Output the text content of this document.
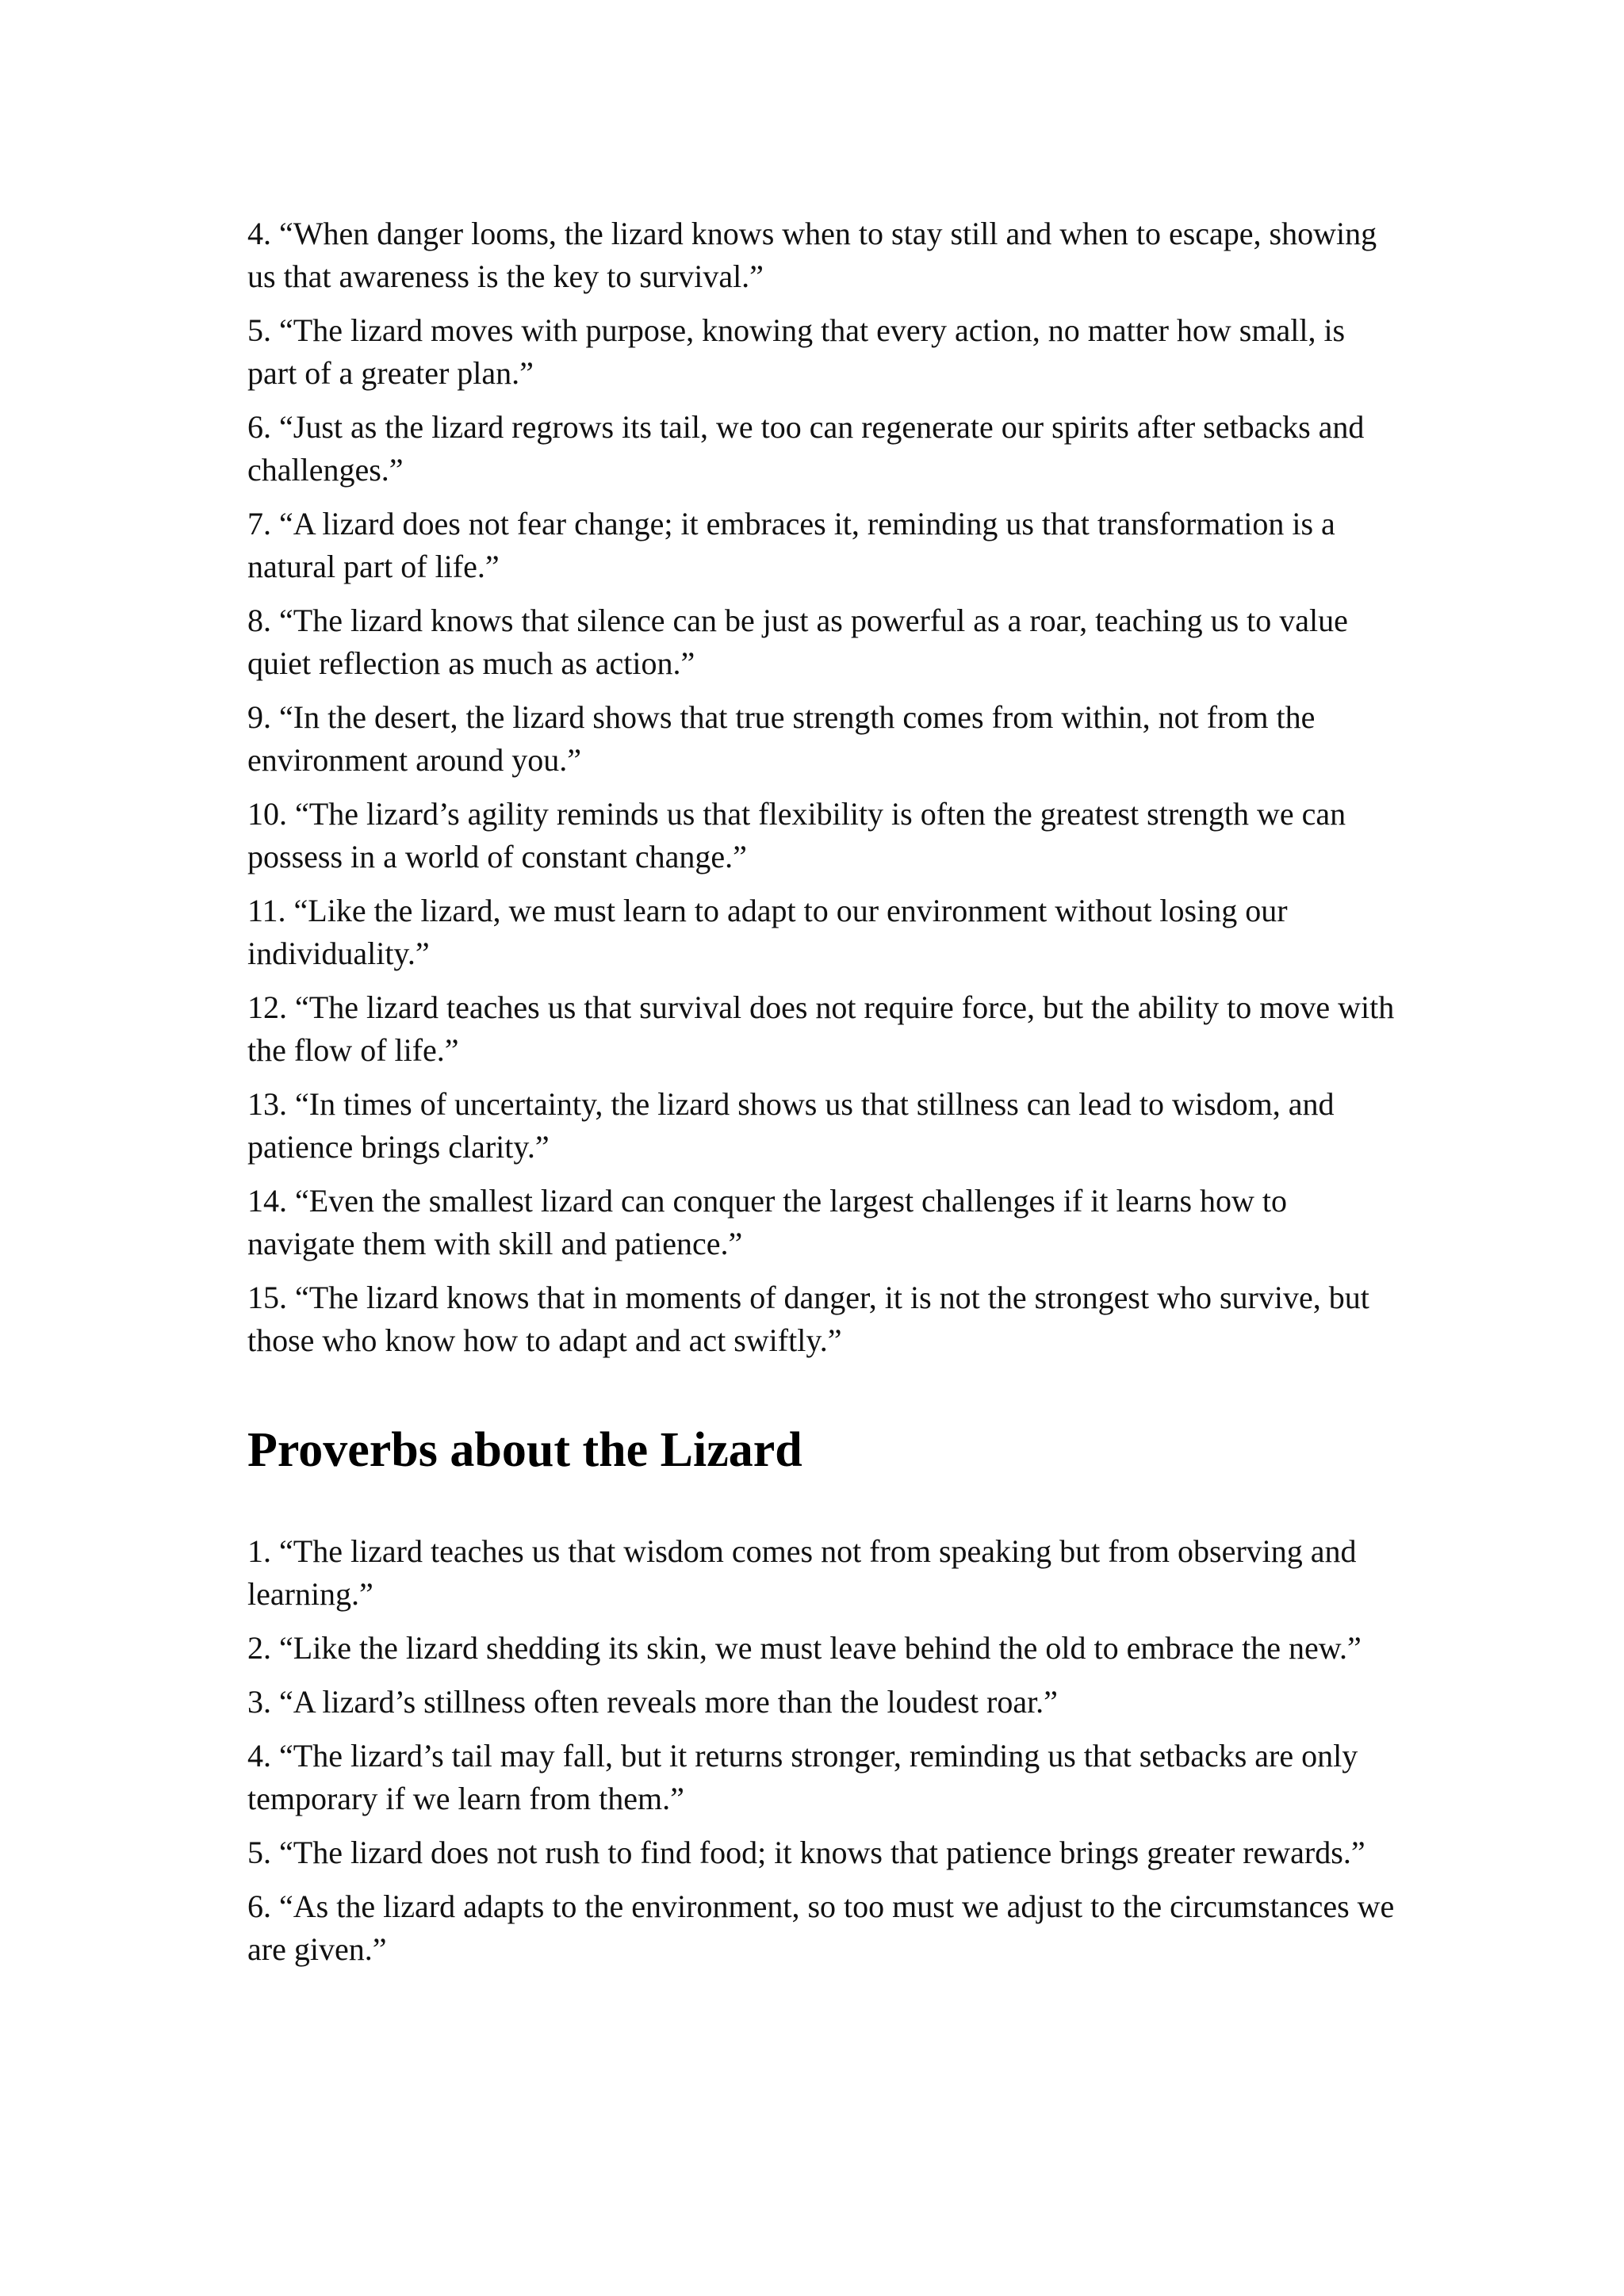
4. “When danger looms, the lizard knows when to stay still and when to escape, showing us that awareness is the key to survival.”

5. “The lizard moves with purpose, knowing that every action, no matter how small, is part of a greater plan.”

6. “Just as the lizard regrows its tail, we too can regenerate our spirits after setbacks and challenges.”

7. “A lizard does not fear change; it embraces it, reminding us that transformation is a natural part of life.”

8. “The lizard knows that silence can be just as powerful as a roar, teaching us to value quiet reflection as much as action.”

9. “In the desert, the lizard shows that true strength comes from within, not from the environment around you.”

10. “The lizard’s agility reminds us that flexibility is often the greatest strength we can possess in a world of constant change.”

11. “Like the lizard, we must learn to adapt to our environment without losing our individuality.”

12. “The lizard teaches us that survival does not require force, but the ability to move with the flow of life.”

13. “In times of uncertainty, the lizard shows us that stillness can lead to wisdom, and patience brings clarity.”

14. “Even the smallest lizard can conquer the largest challenges if it learns how to navigate them with skill and patience.”

15. “The lizard knows that in moments of danger, it is not the strongest who survive, but those who know how to adapt and act swiftly.”

Proverbs about the Lizard

1. “The lizard teaches us that wisdom comes not from speaking but from observing and learning.”

2. “Like the lizard shedding its skin, we must leave behind the old to embrace the new.”

3. “A lizard’s stillness often reveals more than the loudest roar.”

4. “The lizard’s tail may fall, but it returns stronger, reminding us that setbacks are only temporary if we learn from them.”

5. “The lizard does not rush to find food; it knows that patience brings greater rewards.”

6. “As the lizard adapts to the environment, so too must we adjust to the circumstances we are given.”
